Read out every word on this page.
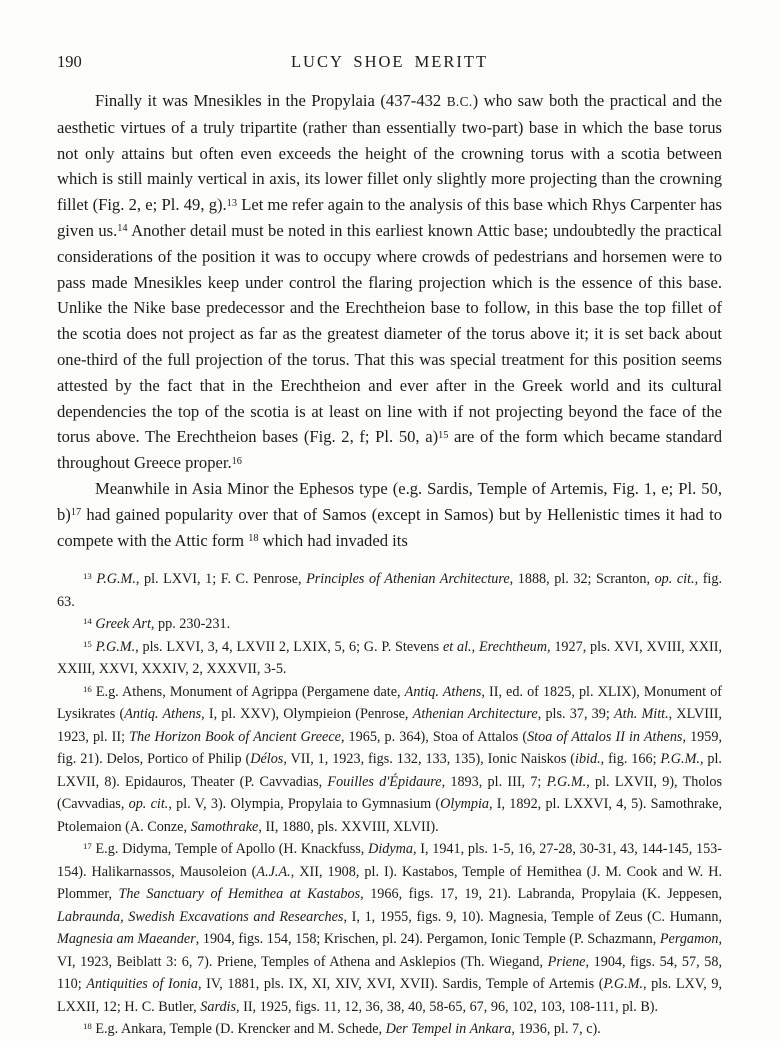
190	LUCY SHOE MERITT

Finally it was Mnesikles in the Propylaia (437-432 B.C.) who saw both the practical and the aesthetic virtues of a truly tripartite (rather than essentially two-part) base in which the base torus not only attains but often even exceeds the height of the crowning torus with a scotia between which is still mainly vertical in axis, its lower fillet only slightly more projecting than the crowning fillet (Fig. 2, e; Pl. 49, g).$^{13}$ Let me refer again to the analysis of this base which Rhys Carpenter has given us.$^{14}$ Another detail must be noted in this earliest known Attic base; undoubtedly the practical considerations of the position it was to occupy where crowds of pedestrians and horsemen were to pass made Mnesikles keep under control the flaring projection which is the essence of this base. Unlike the Nike base predecessor and the Erechtheion base to follow, in this base the top fillet of the scotia does not project as far as the greatest diameter of the torus above it; it is set back about one-third of the full projection of the torus. That this was special treatment for this position seems attested by the fact that in the Erechtheion and ever after in the Greek world and its cultural dependencies the top of the scotia is at least on line with if not projecting beyond the face of the torus above. The Erechtheion bases (Fig. 2, f; Pl. 50, a)$^{15}$ are of the form which became standard throughout Greece proper.$^{16}$

Meanwhile in Asia Minor the Ephesos type (e.g. Sardis, Temple of Artemis, Fig. 1, e; Pl. 50, b)$^{17}$ had gained popularity over that of Samos (except in Samos) but by Hellenistic times it had to compete with the Attic form $^{18}$ which had invaded its

$^{13}$ P.G.M., pl. LXVI, 1; F. C. Penrose, Principles of Athenian Architecture, 1888, pl. 32; Scranton, op. cit., fig. 63.

$^{14}$ Greek Art, pp. 230-231.

$^{15}$ P.G.M., pls. LXVI, 3, 4, LXVII 2, LXIX, 5, 6; G. P. Stevens et al., Erechtheum, 1927, pls. XVI, XVIII, XXII, XXIII, XXVI, XXXIV, 2, XXXVII, 3-5.

$^{16}$ E.g. Athens, Monument of Agrippa (Pergamene date, Antiq. Athens, II, ed. of 1825, pl. XLIX), Monument of Lysikrates (Antiq. Athens, I, pl. XXV), Olympieion (Penrose, Athenian Architecture, pls. 37, 39; Ath. Mitt., XLVIII, 1923, pl. II; The Horizon Book of Ancient Greece, 1965, p. 364), Stoa of Attalos (Stoa of Attalos II in Athens, 1959, fig. 21). Delos, Portico of Philip (Délos, VII, 1, 1923, figs. 132, 133, 135), Ionic Naiskos (ibid., fig. 166; P.G.M., pl. LXVII, 8). Epidauros, Theater (P. Cavvadias, Fouilles d'Épidaure, 1893, pl. III, 7; P.G.M., pl. LXVII, 9), Tholos (Cavvadias, op. cit., pl. V, 3). Olympia, Propylaia to Gymnasium (Olympia, I, 1892, pl. LXXVI, 4, 5). Samothrake, Ptolemaion (A. Conze, Samothrake, II, 1880, pls. XXVIII, XLVII).

$^{17}$ E.g. Didyma, Temple of Apollo (H. Knackfuss, Didyma, I, 1941, pls. 1-5, 16, 27-28, 30-31, 43, 144-145, 153-154). Halikarnassos, Mausoleion (A.J.A., XII, 1908, pl. I). Kastabos, Temple of Hemithea (J. M. Cook and W. H. Plommer, The Sanctuary of Hemithea at Kastabos, 1966, figs. 17, 19, 21). Labranda, Propylaia (K. Jeppesen, Labraunda, Swedish Excavations and Researches, I, 1, 1955, figs. 9, 10). Magnesia, Temple of Zeus (C. Humann, Magnesia am Maeander, 1904, figs. 154, 158; Krischen, pl. 24). Pergamon, Ionic Temple (P. Schazmann, Pergamon, VI, 1923, Beiblatt 3: 6, 7). Priene, Temples of Athena and Asklepios (Th. Wiegand, Priene, 1904, figs. 54, 57, 58, 110; Antiquities of Ionia, IV, 1881, pls. IX, XI, XIV, XVI, XVII). Sardis, Temple of Artemis (P.G.M., pls. LXV, 9, LXXII, 12; H. C. Butler, Sardis, II, 1925, figs. 11, 12, 36, 38, 40, 58-65, 67, 96, 102, 103, 108-111, pl. B).

$^{18}$ E.g. Ankara, Temple (D. Krencker and M. Schede, Der Tempel in Ankara, 1936, pl. 7, c).
